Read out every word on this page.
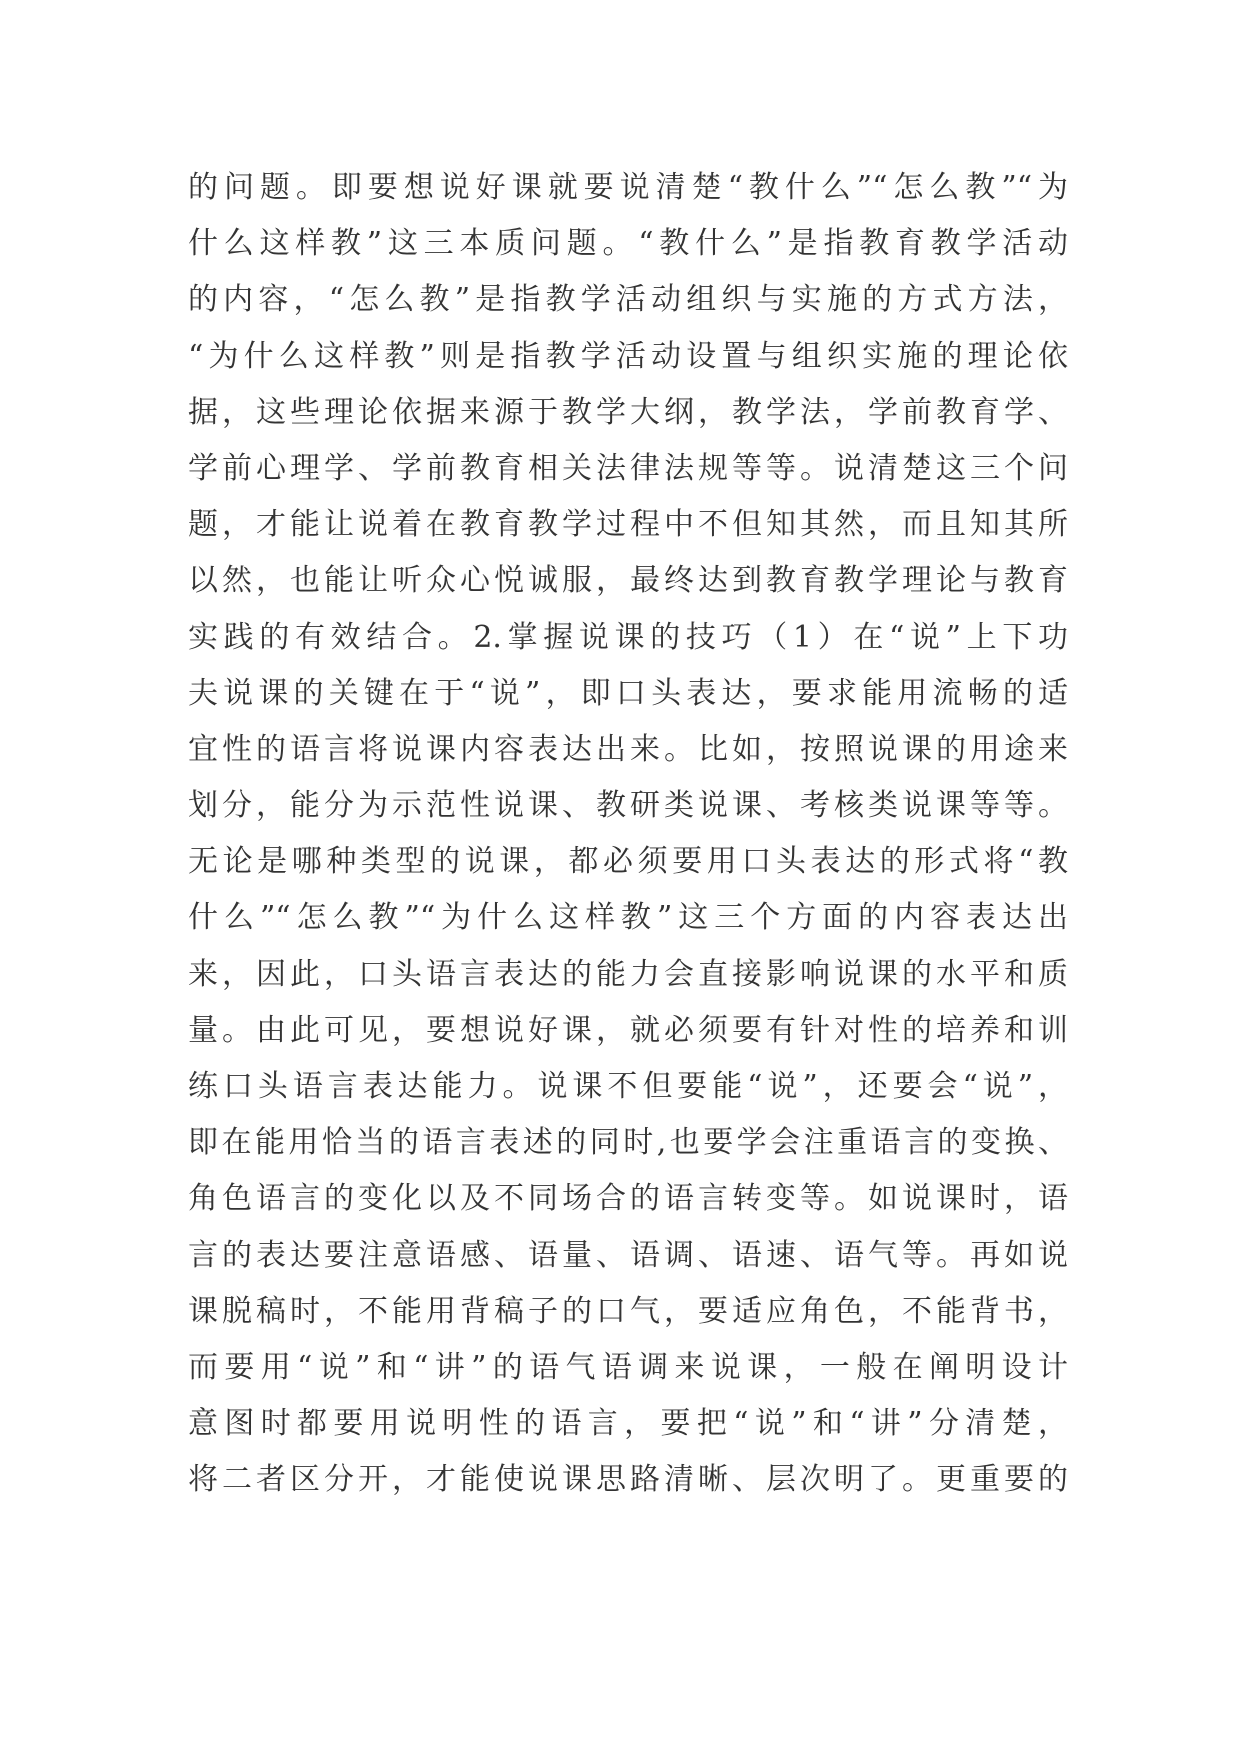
的问题。即要想说好课就要说清楚“教什么”“怎么教”“为
什么这样教”这三本质问题。“教什么”是指教育教学活动
的内容，“怎么教”是指教学活动组织与实施的方式方法，
“为什么这样教”则是指教学活动设置与组织实施的理论依
据，这些理论依据来源于教学大纲，教学法，学前教育学、
学前心理学、学前教育相关法律法规等等。说清楚这三个问
题，才能让说着在教育教学过程中不但知其然，而且知其所
以然，也能让听众心悦诚服，最终达到教育教学理论与教育
实践的有效结合。2.掌握说课的技巧（1）在“说”上下功
夫说课的关键在于“说”，即口头表达，要求能用流畅的适
宜性的语言将说课内容表达出来。比如，按照说课的用途来
划分，能分为示范性说课、教研类说课、考核类说课等等。
无论是哪种类型的说课，都必须要用口头表达的形式将“教
什么”“怎么教”“为什么这样教”这三个方面的内容表达出
来，因此，口头语言表达的能力会直接影响说课的水平和质
量。由此可见，要想说好课，就必须要有针对性的培养和训
练口头语言表达能力。说课不但要能“说”，还要会“说”，
即在能用恰当的语言表述的同时,也要学会注重语言的变换、
角色语言的变化以及不同场合的语言转变等。如说课时，语
言的表达要注意语感、语量、语调、语速、语气等。再如说
课脱稿时，不能用背稿子的口气，要适应角色，不能背书，
而要用“说”和“讲”的语气语调来说课，一般在阐明设计
意图时都要用说明性的语言，要把“说”和“讲”分清楚，
将二者区分开，才能使说课思路清晰、层次明了。更重要的
